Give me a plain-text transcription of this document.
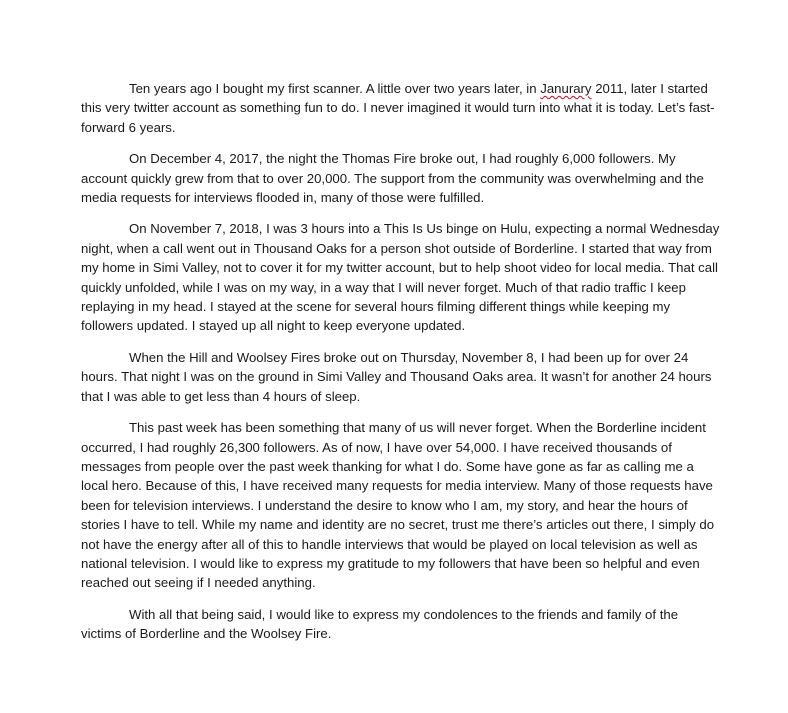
Ten years ago I bought my first scanner. A little over two years later, in Janurary 2011, later I started this very twitter account as something fun to do. I never imagined it would turn into what it is today. Let’s fast-forward 6 years.

On December 4, 2017, the night the Thomas Fire broke out, I had roughly 6,000 followers. My account quickly grew from that to over 20,000. The support from the community was overwhelming and the media requests for interviews flooded in, many of those were fulfilled.

On November 7, 2018, I was 3 hours into a This Is Us binge on Hulu, expecting a normal Wednesday night, when a call went out in Thousand Oaks for a person shot outside of Borderline. I started that way from my home in Simi Valley, not to cover it for my twitter account, but to help shoot video for local media. That call quickly unfolded, while I was on my way, in a way that I will never forget. Much of that radio traffic I keep replaying in my head. I stayed at the scene for several hours filming different things while keeping my followers updated. I stayed up all night to keep everyone updated.

When the Hill and Woolsey Fires broke out on Thursday, November 8, I had been up for over 24 hours. That night I was on the ground in Simi Valley and Thousand Oaks area. It wasn’t for another 24 hours that I was able to get less than 4 hours of sleep.

This past week has been something that many of us will never forget. When the Borderline incident occurred, I had roughly 26,300 followers. As of now, I have over 54,000. I have received thousands of messages from people over the past week thanking for what I do. Some have gone as far as calling me a local hero. Because of this, I have received many requests for media interview. Many of those requests have been for television interviews. I understand the desire to know who I am, my story, and hear the hours of stories I have to tell. While my name and identity are no secret, trust me there’s articles out there, I simply do not have the energy after all of this to handle interviews that would be played on local television as well as national television. I would like to express my gratitude to my followers that have been so helpful and even reached out seeing if I needed anything.

With all that being said, I would like to express my condolences to the friends and family of the victims of Borderline and the Woolsey Fire.
